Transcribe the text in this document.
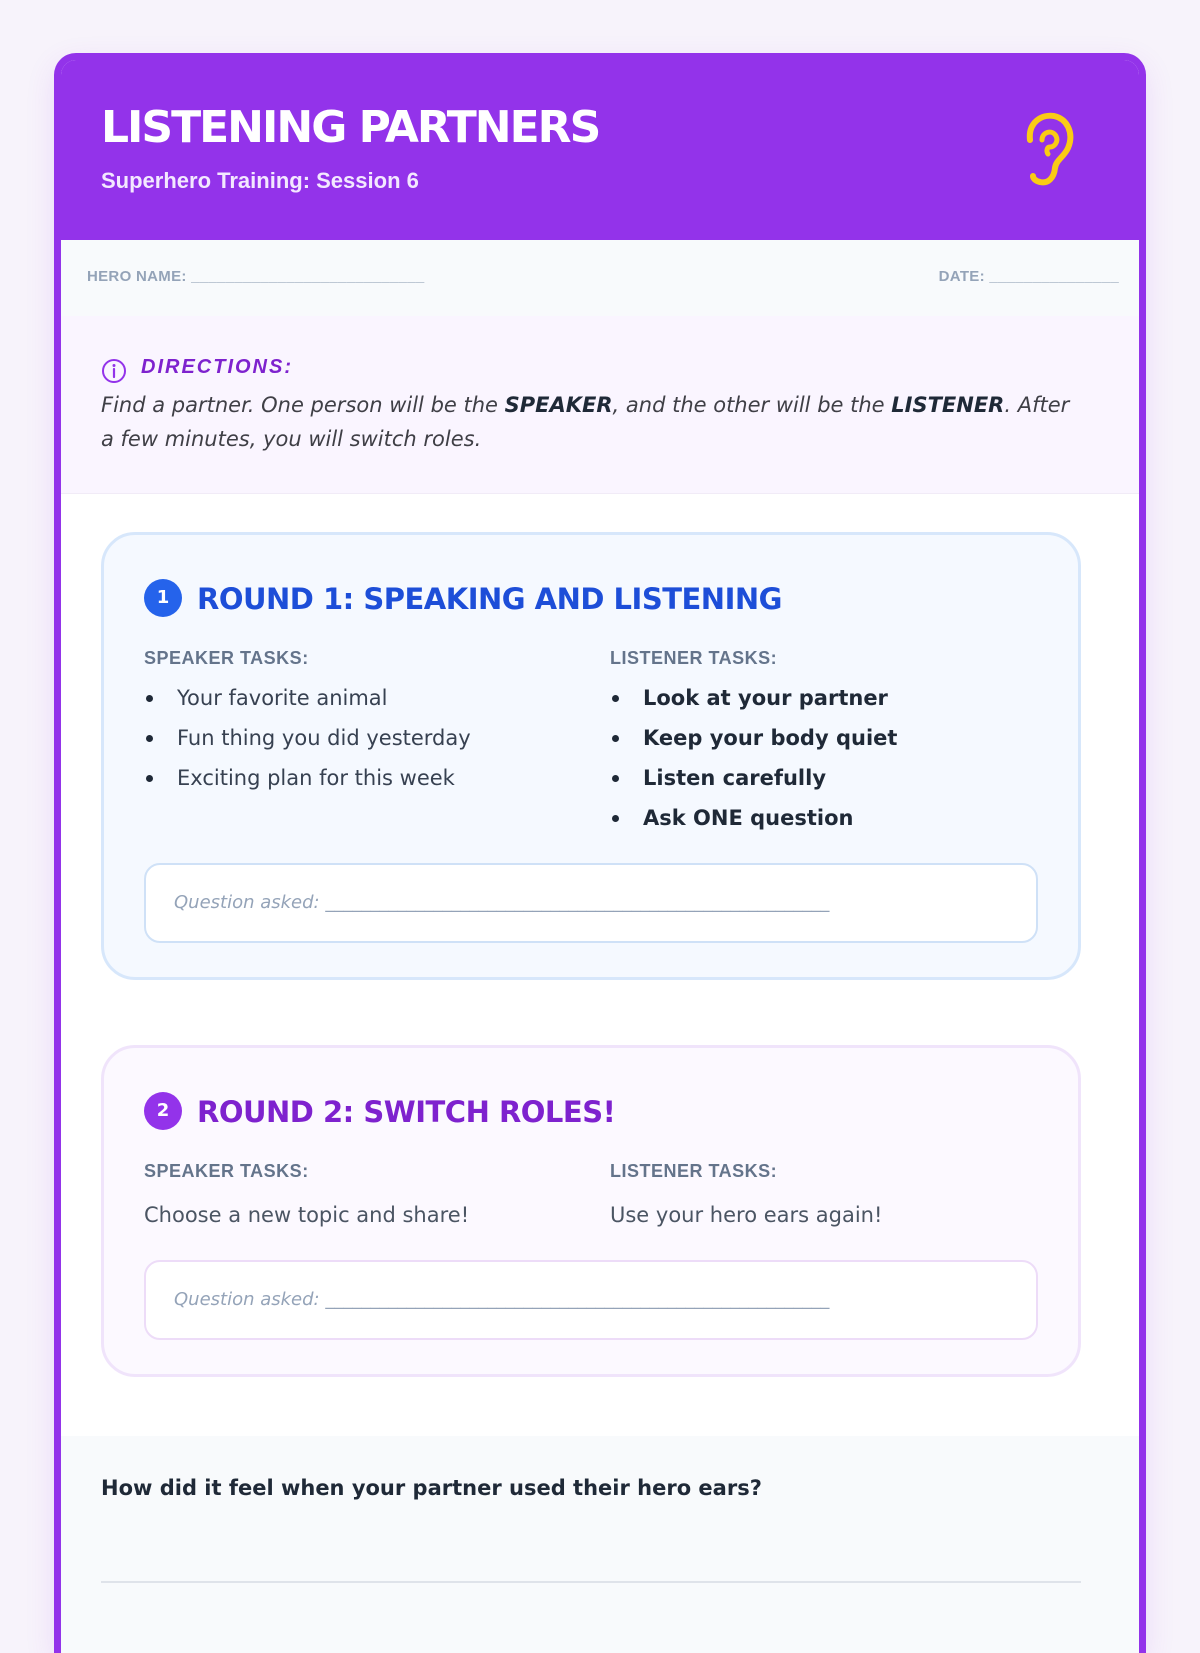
LISTENING PARTNERS
Superhero Training: Session 6
HERO NAME: ___________________________	DATE: _______________
DIRECTIONS:
Find a partner. One person will be the SPEAKER, and the other will be the LISTENER. After a few minutes, you will switch roles.
1 ROUND 1: SPEAKING AND LISTENING
SPEAKER TASKS:	LISTENER TASKS:
Your favorite animal
Fun thing you did yesterday
Exciting plan for this week
Look at your partner
Keep your body quiet
Listen carefully
Ask ONE question
Question asked: ________________________________________________________
2 ROUND 2: SWITCH ROLES!
SPEAKER TASKS:	LISTENER TASKS:
Choose a new topic and share!	Use your hero ears again!
Question asked: ________________________________________________________
How did it feel when your partner used their hero ears?
